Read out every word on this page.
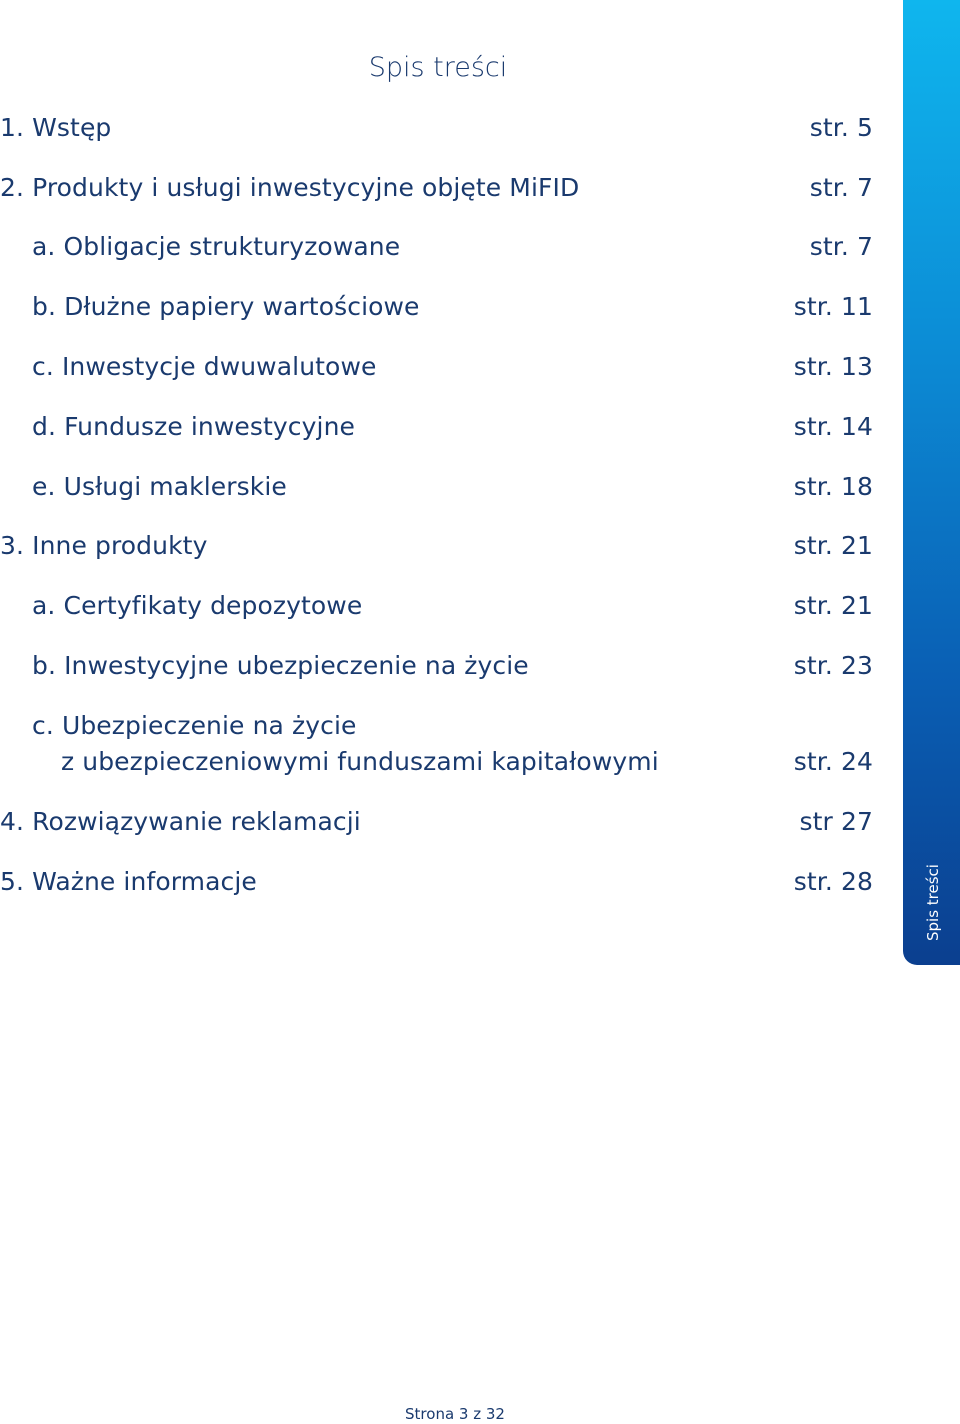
Spis treści
1. Wstęp	str. 5
2. Produkty i usługi inwestycyjne objęte MiFID	str. 7
a. Obligacje strukturyzowane	str. 7
b. Dłużne papiery wartościowe	str. 11
c. Inwestycje dwuwalutowe	str. 13
d. Fundusze inwestycyjne	str. 14
e. Usługi maklerskie	str. 18
3. Inne produkty	str. 21
a. Certyfikaty depozytowe	str. 21
b. Inwestycyjne ubezpieczenie na życie	str. 23
c. Ubezpieczenie na życie
z ubezpieczeniowymi funduszami kapitałowymi	str. 24
4. Rozwiązywanie reklamacji	str 27
5. Ważne informacje	str. 28	Spis treści
Strona 3 z 32
